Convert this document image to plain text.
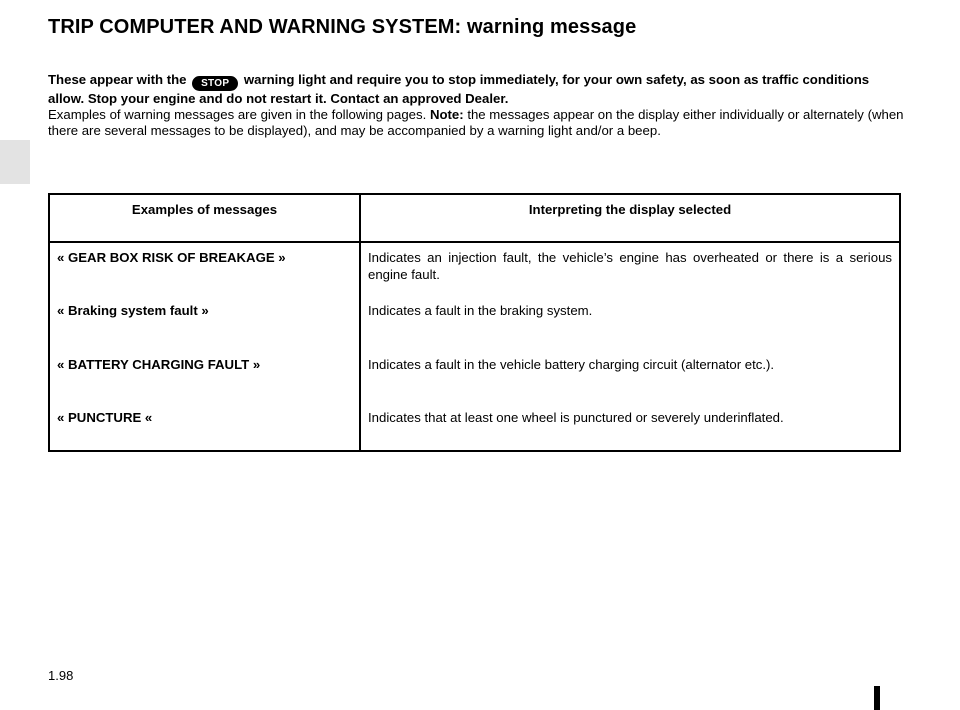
TRIP COMPUTER AND WARNING SYSTEM: warning message
These appear with the STOP warning light and require you to stop immediately, for your own safety, as soon as traffic conditions allow. Stop your engine and do not restart it. Contact an approved Dealer.
Examples of warning messages are given in the following pages. Note: the messages appear on the display either individually or alternately (when there are several messages to be displayed), and may be accompanied by a warning light and/or a beep.
Examples of messages	Interpreting the display selected
« GEAR BOX RISK OF BREAKAGE »	Indicates an injection fault, the vehicle’s engine has overheated or there is a serious engine fault.
« Braking system fault »	Indicates a fault in the braking system.
« BATTERY CHARGING FAULT »	Indicates a fault in the vehicle battery charging circuit (alternator etc.).
« PUNCTURE «	Indicates that at least one wheel is punctured or severely underinflated.
1.98
